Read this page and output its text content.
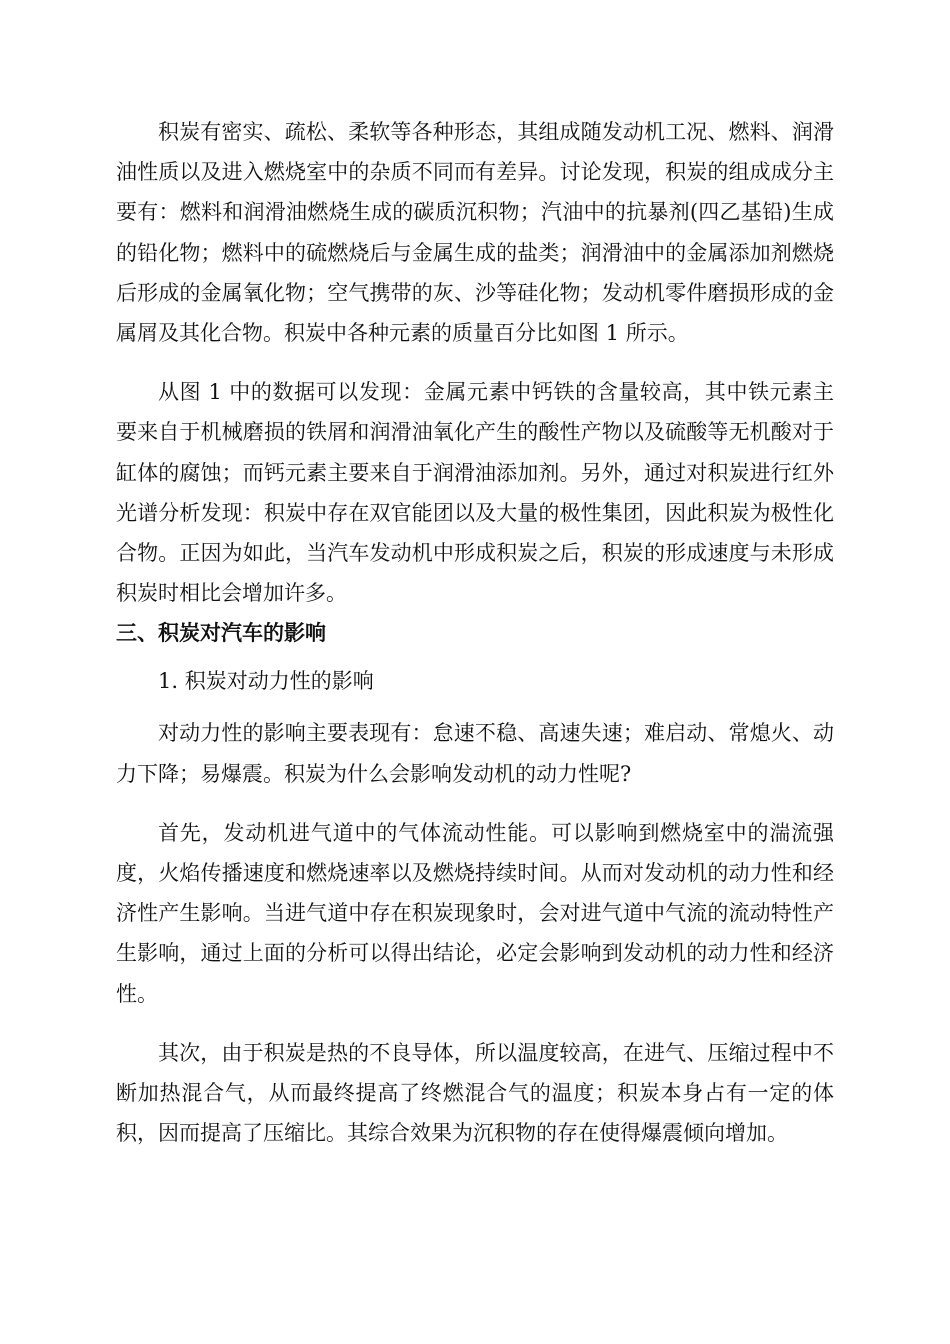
积炭有密实、疏松、柔软等各种形态，其组成随发动机工况、燃料、润滑油性质以及进入燃烧室中的杂质不同而有差异。讨论发现，积炭的组成成分主要有：燃料和润滑油燃烧生成的碳质沉积物；汽油中的抗暴剂(四乙基铅)生成的铅化物；燃料中的硫燃烧后与金属生成的盐类；润滑油中的金属添加剂燃烧后形成的金属氧化物；空气携带的灰、沙等硅化物；发动机零件磨损形成的金属屑及其化合物。积炭中各种元素的质量百分比如图 1 所示。

从图 1 中的数据可以发现：金属元素中钙铁的含量较高，其中铁元素主要来自于机械磨损的铁屑和润滑油氧化产生的酸性产物以及硫酸等无机酸对于缸体的腐蚀；而钙元素主要来自于润滑油添加剂。另外，通过对积炭进行红外光谱分析发现：积炭中存在双官能团以及大量的极性集团，因此积炭为极性化合物。正因为如此，当汽车发动机中形成积炭之后，积炭的形成速度与未形成积炭时相比会增加许多。

三、积炭对汽车的影响

1. 积炭对动力性的影响

对动力性的影响主要表现有：怠速不稳、高速失速；难启动、常熄火、动力下降；易爆震。积炭为什么会影响发动机的动力性呢?

首先，发动机进气道中的气体流动性能。可以影响到燃烧室中的湍流强度，火焰传播速度和燃烧速率以及燃烧持续时间。从而对发动机的动力性和经济性产生影响。当进气道中存在积炭现象时，会对进气道中气流的流动特性产生影响，通过上面的分析可以得出结论，必定会影响到发动机的动力性和经济性。

其次，由于积炭是热的不良导体，所以温度较高，在进气、压缩过程中不断加热混合气，从而最终提高了终燃混合气的温度；积炭本身占有一定的体积，因而提高了压缩比。其综合效果为沉积物的存在使得爆震倾向增加。
